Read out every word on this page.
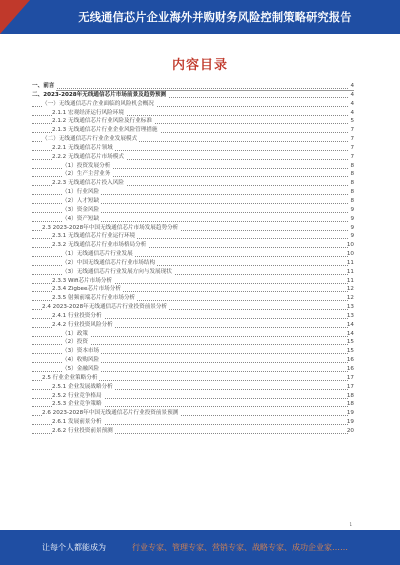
无线通信芯片企业海外并购财务风险控制策略研究报告
内容目录
一、前言	4
二、2023-2028年无线通信芯片市场前景及趋势预测	4
（一）无线通信芯片企业面临的风险机会概况	4
2.1.1 宏观经济运行风险环境	4
2.1.2 无线通信芯片行业风险及行业标准	5
2.1.3 无线通信芯片行业企业风险管理措施	7
（二）无线通信芯片行业企业发展模式	7
2.2.1 无线通信芯片领域	7
2.2.2 无线通信芯片市场模式	7
（1）投资发展分析	8
（2）生产主营业务	8
2.2.3 无线通信芯片投入风险	8
（1）行业风险	8
（2）人才短缺	8
（3）资金风险	9
（4）资产短缺	9
2.3 2023-2028年中国无线通信芯片市场发展趋势分析	9
2.3.1 无线通信芯片行业运行环境	9
2.3.2 无线通信芯片行业市场格局分析	10
（1）无线通信芯片行业发展	10
（2）中国无线通信芯片行业市场结构	11
（3）无线通信芯片行业发展方向与发展现状	11
2.3.3 Wifi芯片市场分析	11
2.3.4 Zigbee芯片市场分析	12
2.3.5 射频前端芯片行业市场分析	12
2.4 2023-2028年无线通信芯片行业投资前景分析	13
2.4.1 行业投资分析	13
2.4.2 行业投资风险分析	14
（1）政策	14
（2）投资	15
（3）资本市场	15
（4）收购风险	16
（5）金融风险	16
2.5 行业企业策略分析	17
2.5.1 企业发展战略分析	17
2.5.2 行业竞争格局	18
2.5.3 企业竞争策略	18
2.6 2023-2028年中国无线通信芯片行业投资前景预测	19
2.6.1 发展前景分析	19
2.6.2 行业投资前景预测	20
1
让每个人都能成为	行业专家、管理专家、营销专家、战略专家、成功企业家……
